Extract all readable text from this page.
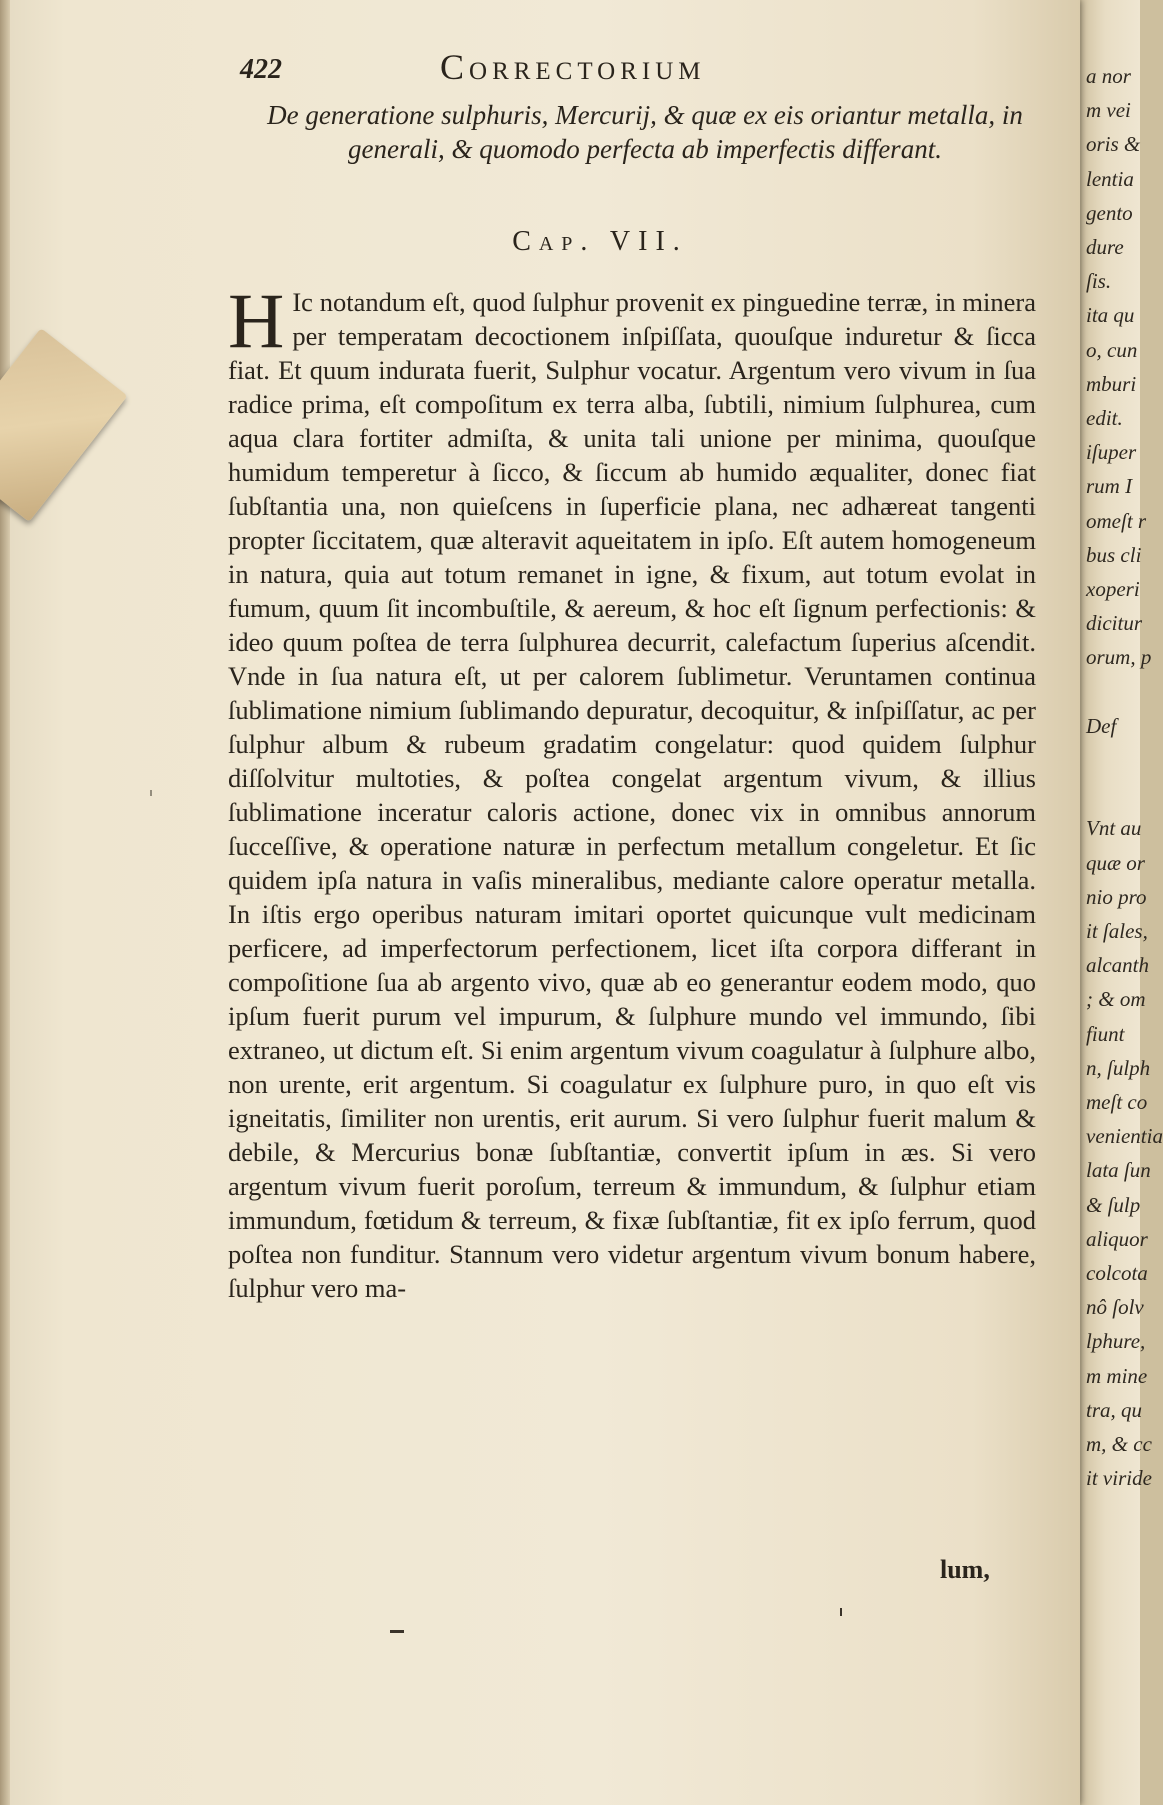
a nor
m vei
oris &
lentia
gento
dure
ſis.
ita qu
o, cun
mburi
edit.
iſuper
rum I
omeſt r
bus cli
xoperi
dicitur
orum, p
Def
Vnt au
quæ or
nio pro
it ſales,
alcanth
; & om
fiunt
n, ſulph
meſt co
venientia
lata ſun
& ſulp
aliquor
colcota
nô ſolv
lphure,
m mine
tra, qu
m, & cc
it viride
422	Correctorium
De generatione sulphuris, Mercurij, & quæ ex eis oriantur metalla, in generali, & quomodo perfecta ab imperfectis differant.
Cap. VII.
H Ic notandum eſt, quod ſulphur provenit ex pinguedine terræ, in minera per temperatam decoctionem inſpiſſata, quouſque induretur & ſicca fiat. Et quum indurata fuerit, Sulphur vocatur. Argentum vero vivum in ſua radice prima, eſt compoſitum ex terra alba, ſubtili, nimium ſulphurea, cum aqua clara fortiter admiſta, & unita tali unione per minima, quouſque humidum temperetur à ſicco, & ſiccum ab humido æqualiter, donec fiat ſubſtantia una, non quieſcens in ſuperficie plana, nec adhæreat tangenti propter ſiccitatem, quæ alteravit aqueitatem in ipſo. Eſt autem homogeneum in natura, quia aut totum remanet in igne, & fixum, aut totum evolat in fumum, quum ſit incombuſtile, & aereum, & hoc eſt ſignum perfectionis: & ideo quum poſtea de terra ſulphurea decurrit, calefactum ſuperius aſcendit. Vnde in ſua natura eſt, ut per calorem ſublimetur. Veruntamen continua ſublimatione nimium ſublimando depuratur, decoquitur, & inſpiſſatur, ac per ſulphur album & rubeum gradatim congelatur: quod quidem ſulphur diſſolvitur multoties, & poſtea congelat argentum vivum, & illius ſublimatione inceratur caloris actione, donec vix in omnibus annorum ſucceſſive, & operatione naturæ in perfectum metallum congeletur. Et ſic quidem ipſa natura in vaſis mineralibus, mediante calore operatur metalla. In iſtis ergo operibus naturam imitari oportet quicunque vult medicinam perficere, ad imperfectorum perfectionem, licet iſta corpora differant in compoſitione ſua ab argento vivo, quæ ab eo generantur eodem modo, quo ipſum fuerit purum vel impurum, & ſulphure mundo vel immundo, ſibi extraneo, ut dictum eſt. Si enim argentum vivum coagulatur à ſulphure albo, non urente, erit argentum. Si coagulatur ex ſulphure puro, in quo eſt vis igneitatis, ſimiliter non urentis, erit aurum. Si vero ſulphur fuerit malum & debile, & Mercurius bonæ ſubſtantiæ, convertit ipſum in æs. Si vero argentum vivum fuerit poroſum, terreum & immundum, & ſulphur etiam immundum, fœtidum & terreum, & fixæ ſubſtantiæ, fit ex ipſo ferrum, quod poſtea non funditur. Stannum vero videtur argentum vivum bonum habere, ſulphur vero ma-
lum,
